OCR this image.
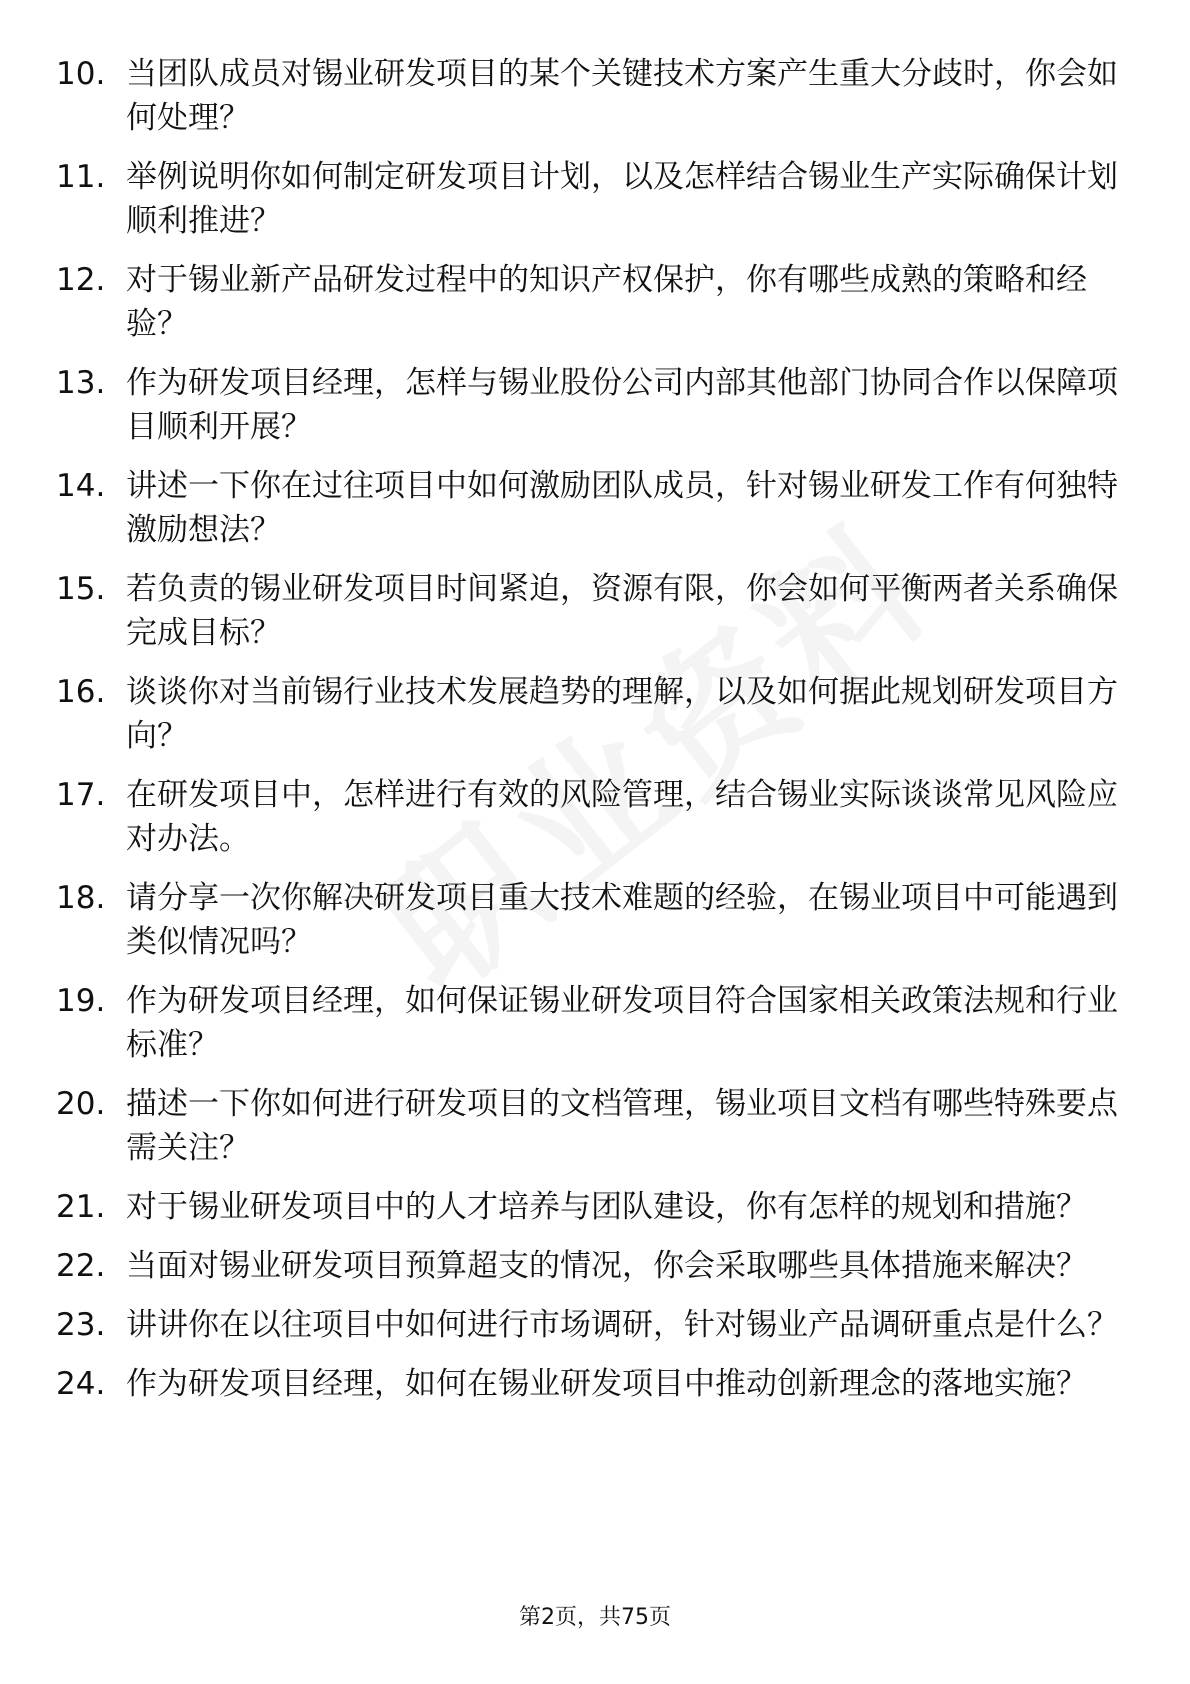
10. 当团队成员对锡业研发项目的某个关键技术方案产生重大分歧时，你会如何处理？
11. 举例说明你如何制定研发项目计划，以及怎样结合锡业生产实际确保计划顺利推进？
12. 对于锡业新产品研发过程中的知识产权保护，你有哪些成熟的策略和经验？
13. 作为研发项目经理，怎样与锡业股份公司内部其他部门协同合作以保障项目顺利开展？
14. 讲述一下你在过往项目中如何激励团队成员，针对锡业研发工作有何独特激励想法？
15. 若负责的锡业研发项目时间紧迫，资源有限，你会如何平衡两者关系确保完成目标？
16. 谈谈你对当前锡行业技术发展趋势的理解，以及如何据此规划研发项目方向？
17. 在研发项目中，怎样进行有效的风险管理，结合锡业实际谈谈常见风险应对办法。
18. 请分享一次你解决研发项目重大技术难题的经验，在锡业项目中可能遇到类似情况吗？
19. 作为研发项目经理，如何保证锡业研发项目符合国家相关政策法规和行业标准？
20. 描述一下你如何进行研发项目的文档管理，锡业项目文档有哪些特殊要点需关注？
21. 对于锡业研发项目中的人才培养与团队建设，你有怎样的规划和措施？
22. 当面对锡业研发项目预算超支的情况，你会采取哪些具体措施来解决？
23. 讲讲你在以往项目中如何进行市场调研，针对锡业产品调研重点是什么？
24. 作为研发项目经理，如何在锡业研发项目中推动创新理念的落地实施？
第2页，共75页
